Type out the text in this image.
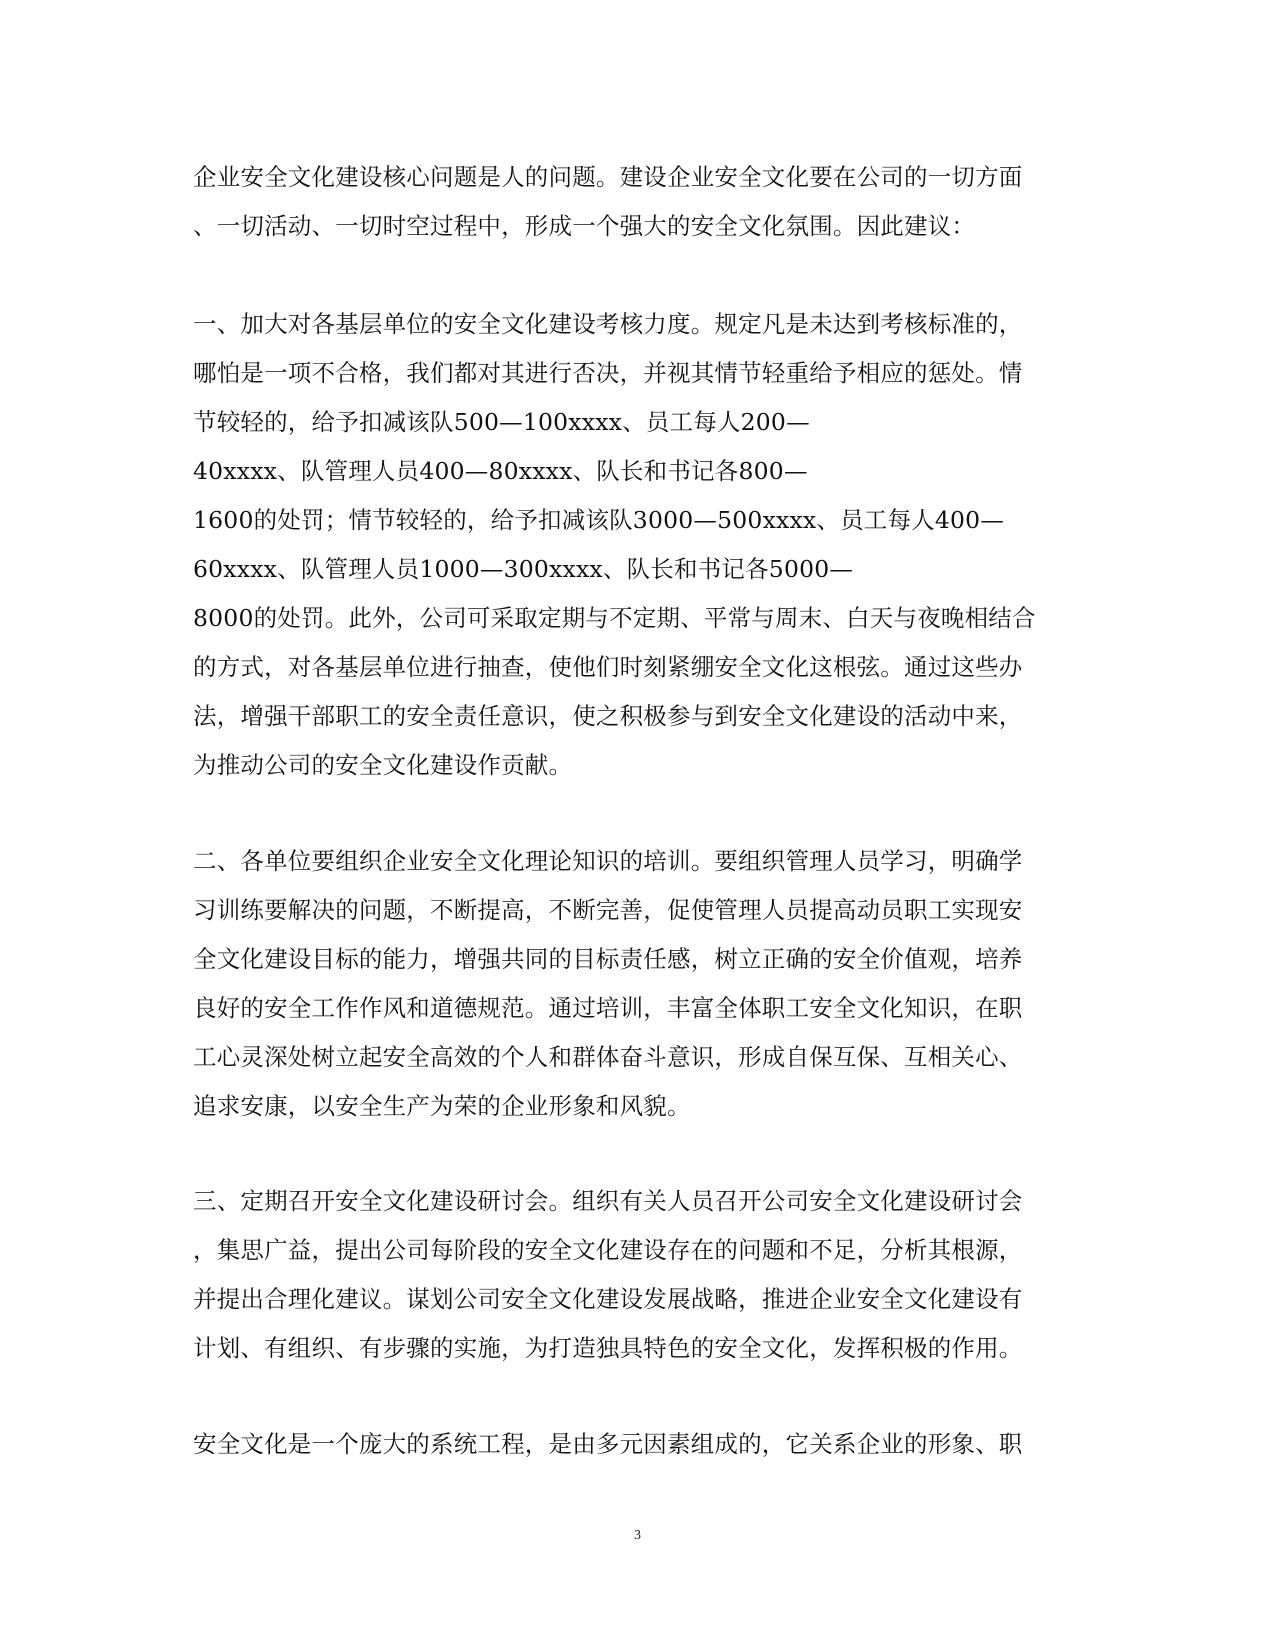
企业安全文化建设核心问题是人的问题。建设企业安全文化要在公司的一切方面
、一切活动、一切时空过程中，形成一个强大的安全文化氛围。因此建议：
一、加大对各基层单位的安全文化建设考核力度。规定凡是未达到考核标准的，
哪怕是一项不合格，我们都对其进行否决，并视其情节轻重给予相应的惩处。情
节较轻的，给予扣减该队500—100xxxx、员工每人200—
40xxxx、队管理人员400—80xxxx、队长和书记各800—
1600的处罚；情节较轻的，给予扣减该队3000—500xxxx、员工每人400—
60xxxx、队管理人员1000—300xxxx、队长和书记各5000—
8000的处罚。此外，公司可采取定期与不定期、平常与周末、白天与夜晚相结合
的方式，对各基层单位进行抽查，使他们时刻紧绷安全文化这根弦。通过这些办
法，增强干部职工的安全责任意识，使之积极参与到安全文化建设的活动中来，
为推动公司的安全文化建设作贡献。
二、各单位要组织企业安全文化理论知识的培训。要组织管理人员学习，明确学
习训练要解决的问题，不断提高，不断完善，促使管理人员提高动员职工实现安
全文化建设目标的能力，增强共同的目标责任感，树立正确的安全价值观，培养
良好的安全工作作风和道德规范。通过培训，丰富全体职工安全文化知识，在职
工心灵深处树立起安全高效的个人和群体奋斗意识，形成自保互保、互相关心、
追求安康，以安全生产为荣的企业形象和风貌。
三、定期召开安全文化建设研讨会。组织有关人员召开公司安全文化建设研讨会
，集思广益，提出公司每阶段的安全文化建设存在的问题和不足，分析其根源，
并提出合理化建议。谋划公司安全文化建设发展战略，推进企业安全文化建设有
计划、有组织、有步骤的实施，为打造独具特色的安全文化，发挥积极的作用。
安全文化是一个庞大的系统工程，是由多元因素组成的，它关系企业的形象、职
3
